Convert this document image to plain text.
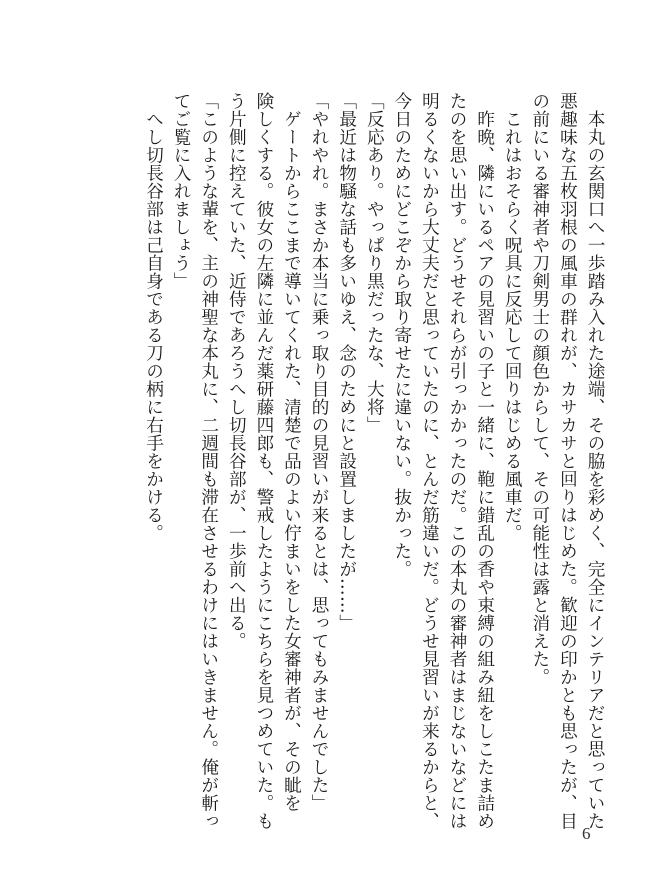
　本丸の玄関口へ一歩踏み入れた途端、その脇を彩めく、完全にインテリアだと思っていた
悪趣味な五枚羽根の風車の群れが、カサカサと回りはじめた。歓迎の印かとも思ったが、目
の前にいる審神者や刀剣男士の顔色からして、その可能性は露と消えた。
　これはおそらく呪具に反応して回りはじめる風車だ。
　昨晩、隣にいるペアの見習いの子と一緒に、鞄に錯乱の香や束縛の組み紐をしこたま詰め
たのを思い出す。どうせそれらが引っかかったのだ。この本丸の審神者はまじないなどには
明るくないから大丈夫だと思っていたのに、とんだ筋違いだ。どうせ見習いが来るからと、
今日のためにどこぞから取り寄せたに違いない。抜かった。
「反応あり。やっぱり黒だったな、大将」
「最近は物騒な話も多いゆえ、念のためにと設置しましたが……」
「やれやれ。まさか本当に乗っ取り目的の見習いが来るとは、思ってもみませんでした」
　ゲートからここまで導いてくれた、清楚で品のよい佇まいをした女審神者が、その眦を
険しくする。彼女の左隣に並んだ薬研藤四郎も、警戒したようにこちらを見つめていた。も
う片側に控えていた、近侍であろうへし切長谷部が、一歩前へ出る。
「このような輩を、主の神聖な本丸に、二週間も滞在させるわけにはいきません。俺が斬っ
てご覧に入れましょう」
　へし切長谷部は己自身である刀の柄に右手をかける。
6
